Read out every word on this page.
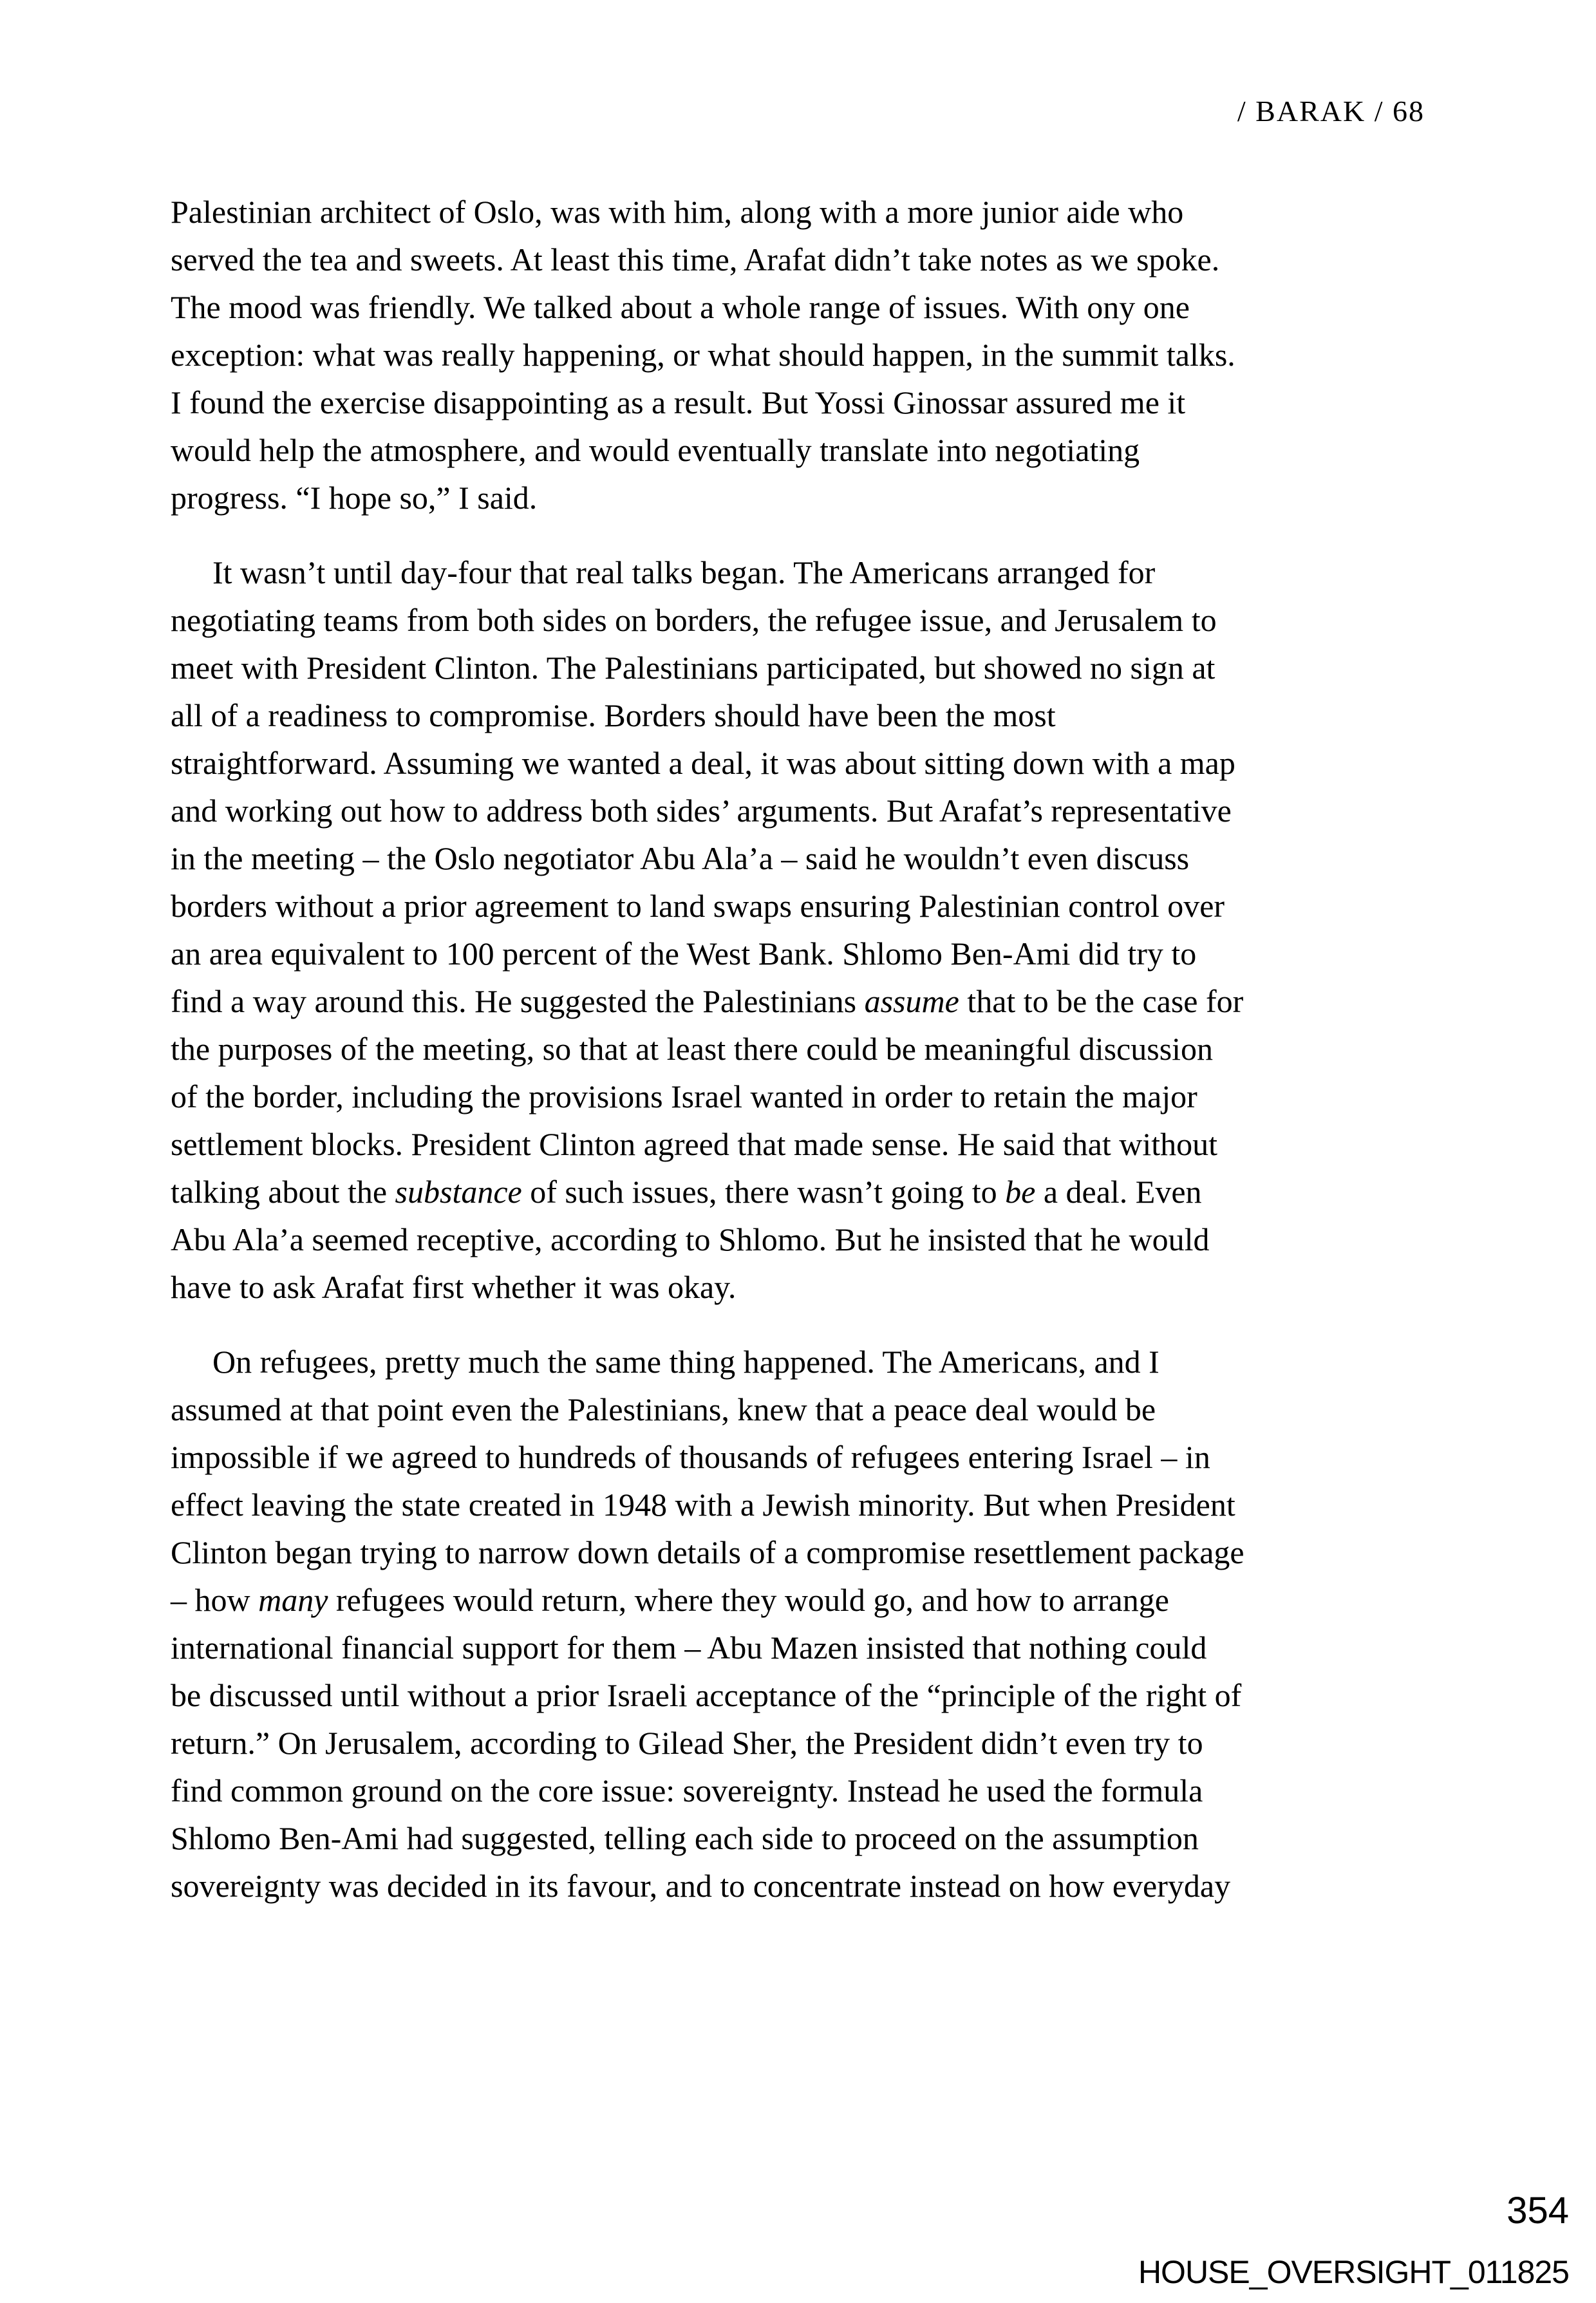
/ BARAK / 68

Palestinian architect of Oslo, was with him, along with a more junior aide who
served the tea and sweets. At least this time, Arafat didn’t take notes as we spoke.
The mood was friendly. We talked about a whole range of issues. With ony one
exception: what was really happening, or what should happen, in the summit talks.
I found the exercise disappointing as a result. But Yossi Ginossar assured me it
would help the atmosphere, and would eventually translate into negotiating
progress. “I hope so,” I said.

It wasn’t until day-four that real talks began. The Americans arranged for
negotiating teams from both sides on borders, the refugee issue, and Jerusalem to
meet with President Clinton. The Palestinians participated, but showed no sign at
all of a readiness to compromise. Borders should have been the most
straightforward. Assuming we wanted a deal, it was about sitting down with a map
and working out how to address both sides’ arguments. But Arafat’s representative
in the meeting – the Oslo negotiator Abu Ala’a – said he wouldn’t even discuss
borders without a prior agreement to land swaps ensuring Palestinian control over
an area equivalent to 100 percent of the West Bank. Shlomo Ben-Ami did try to
find a way around this. He suggested the Palestinians assume that to be the case for
the purposes of the meeting, so that at least there could be meaningful discussion
of the border, including the provisions Israel wanted in order to retain the major
settlement blocks. President Clinton agreed that made sense. He said that without
talking about the substance of such issues, there wasn’t going to be a deal. Even
Abu Ala’a seemed receptive, according to Shlomo. But he insisted that he would
have to ask Arafat first whether it was okay.

On refugees, pretty much the same thing happened. The Americans, and I
assumed at that point even the Palestinians, knew that a peace deal would be
impossible if we agreed to hundreds of thousands of refugees entering Israel – in
effect leaving the state created in 1948 with a Jewish minority. But when President
Clinton began trying to narrow down details of a compromise resettlement package
– how many refugees would return, where they would go, and how to arrange
international financial support for them – Abu Mazen insisted that nothing could
be discussed until without a prior Israeli acceptance of the “principle of the right of
return.” On Jerusalem, according to Gilead Sher, the President didn’t even try to
find common ground on the core issue: sovereignty. Instead he used the formula
Shlomo Ben-Ami had suggested, telling each side to proceed on the assumption
sovereignty was decided in its favour, and to concentrate instead on how everyday

354
HOUSE_OVERSIGHT_011825
